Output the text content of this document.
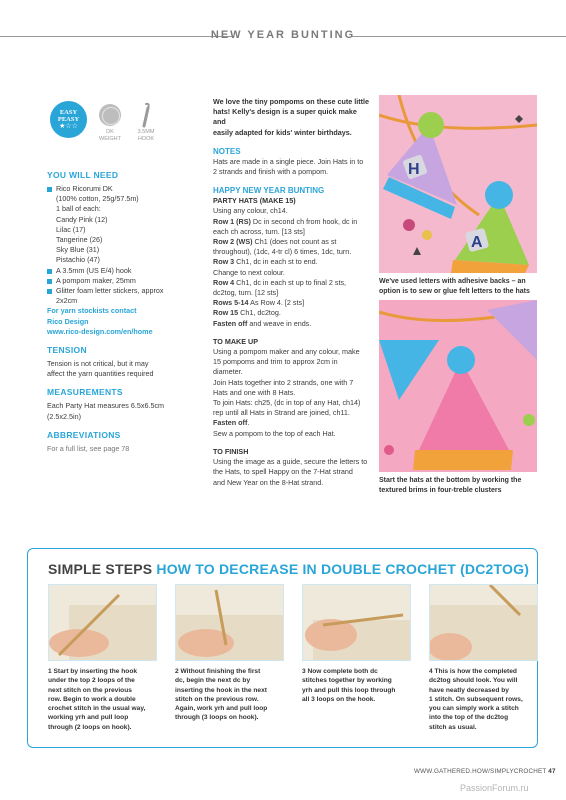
NEW YEAR BUNTING
EASY
PEASY
★☆☆
DK
WEIGHT
3.5MM
HOOK
YOU WILL NEED
Rico Ricorumi DK
(100% cotton, 25g/57.5m)
1 ball of each:
Candy Pink (12)
Lilac (17)
Tangerine (26)
Sky Blue (31)
Pistachio (47)
A 3.5mm (US E/4) hook
A pompom maker, 25mm
Glitter foam letter stickers, approx
2x2cm
For yarn stockists contact
Rico Design
www.rico-design.com/en/home
TENSION
Tension is not critical, but it may
affect the yarn quantities required
MEASUREMENTS
Each Party Hat measures 6.5x6.5cm
(2.5x2.5in)
ABBREVIATIONS
For a full list, see page 78
We love the tiny pompoms on these cute little
hats! Kelly's design is a super quick make and
easily adapted for kids' winter birthdays.
NOTES
Hats are made in a single piece. Join Hats in to
2 strands and finish with a pompom.
HAPPY NEW YEAR BUNTING
PARTY HATS (MAKE 15)
Using any colour, ch14.
Row 1 (RS) Dc in second ch from hook, dc in
each ch across, turn. [13 sts]
Row 2 (WS) Ch1 (does not count as st
throughout), (1dc, 4-tr cl) 6 times, 1dc, turn.
Row 3 Ch1, dc in each st to end.
Change to next colour.
Row 4 Ch1, dc in each st up to final 2 sts,
dc2tog, turn. [12 sts]
Rows 5-14 As Row 4. [2 sts]
Row 15 Ch1, dc2tog.
Fasten off and weave in ends.
TO MAKE UP
Using a pompom maker and any colour, make
15 pompoms and trim to approx 2cm in
diameter.
Join Hats together into 2 strands, one with 7
Hats and one with 8 Hats.
To join Hats: ch25, (dc in top of any Hat, ch14)
rep until all Hats in Strand are joined, ch11.
Fasten off.
Sew a pompom to the top of each Hat.
TO FINISH
Using the image as a guide, secure the letters to
the Hats, to spell Happy on the 7-Hat strand
and New Year on the 8-Hat strand.
H
A
We've used letters with adhesive backs – an
option is to sew or glue felt letters to the hats
Start the hats at the bottom by working the
textured brims in four-treble clusters
SIMPLE STEPS HOW TO DECREASE IN DOUBLE CROCHET (DC2TOG)
1 Start by inserting the hook
under the top 2 loops of the
next stitch on the previous
row. Begin to work a double
crochet stitch in the usual way,
working yrh and pull loop
through (2 loops on hook).
2 Without finishing the first
dc, begin the next dc by
inserting the hook in the next
stitch on the previous row.
Again, work yrh and pull loop
through (3 loops on hook).
3 Now complete both dc
stitches together by working
yrh and pull this loop through
all 3 loops on the hook.
4 This is how the completed
dc2tog should look. You will
have neatly decreased by
1 stitch. On subsequent rows,
you can simply work a stitch
into the top of the dc2tog
stitch as usual.
WWW.GATHERED.HOW/SIMPLYCROCHET 47
PassionForum.ru
